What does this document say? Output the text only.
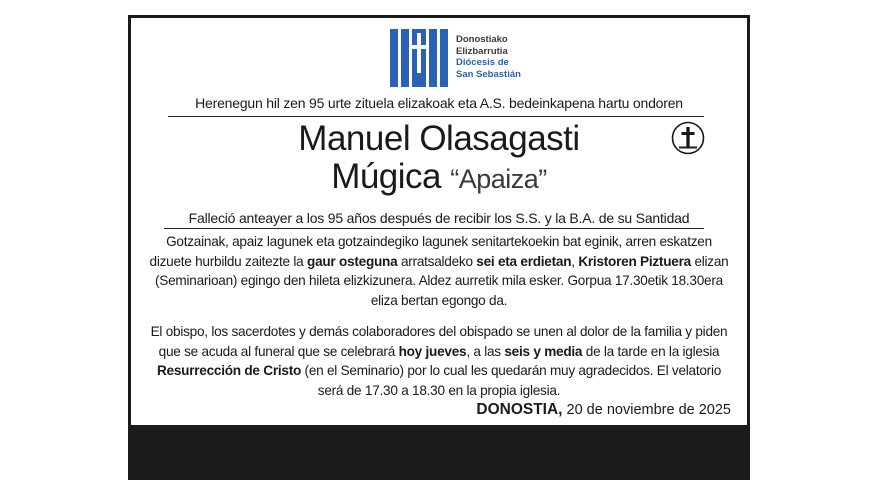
Donostiako
Elizbarrutia
Diócesis de
San Sebastián
Herenegun hil zen 95 urte zituela elizakoak eta A.S. bedeinkapena hartu ondoren
Manuel Olasagasti
Múgica “Apaiza”
Falleció anteayer a los 95 años después de recibir los S.S. y la B.A. de su Santidad
Gotzainak, apaiz lagunek eta gotzaindegiko lagunek senitartekoekin bat eginik, arren eskatzen dizuete hurbildu zaitezte la gaur osteguna arratsaldeko sei eta erdietan, Kristoren Piztuera elizan (Seminarioan) egingo den hileta elizkizunera. Aldez aurretik mila esker. Gorpua 17.30etik 18.30era eliza bertan egongo da.
El obispo, los sacerdotes y demás colaboradores del obispado se unen al dolor de la familia y piden que se acuda al funeral que se celebrará hoy jueves, a las seis y media de la tarde en la iglesia Resurrección de Cristo (en el Seminario) por lo cual les quedarán muy agradecidos. El velatorio será de 17.30 a 18.30 en la propia iglesia.
DONOSTIA, 20 de noviembre de 2025
